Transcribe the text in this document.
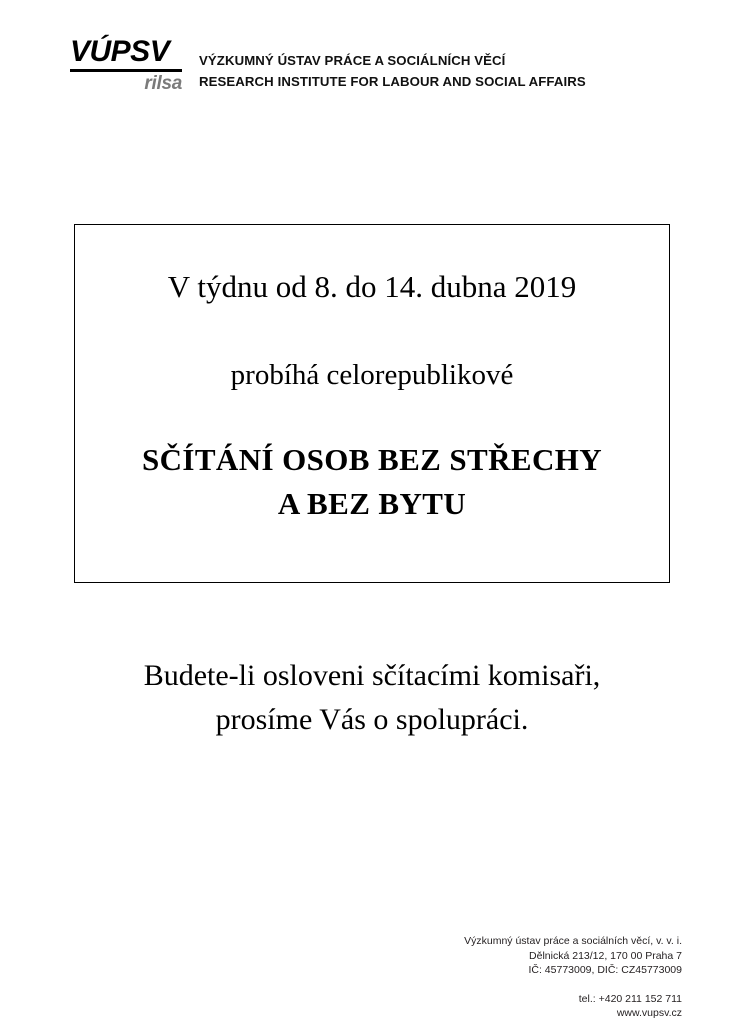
VÚPSV
rilsa
VÝZKUMNÝ ÚSTAV PRÁCE A SOCIÁLNÍCH VĚCÍ
RESEARCH INSTITUTE FOR LABOUR AND SOCIAL AFFAIRS
V týdnu od 8. do 14. dubna 2019
probíhá celorepublikové
SČÍTÁNÍ OSOB BEZ STŘECHY
A BEZ BYTU
Budete-li osloveni sčítacími komisaři,
prosíme Vás o spolupráci.
Výzkumný ústav práce a sociálních věcí, v. v. i.
Dělnická 213/12, 170 00 Praha 7
IČ: 45773009, DIČ: CZ45773009
tel.: +420 211 152 711
www.vupsv.cz
